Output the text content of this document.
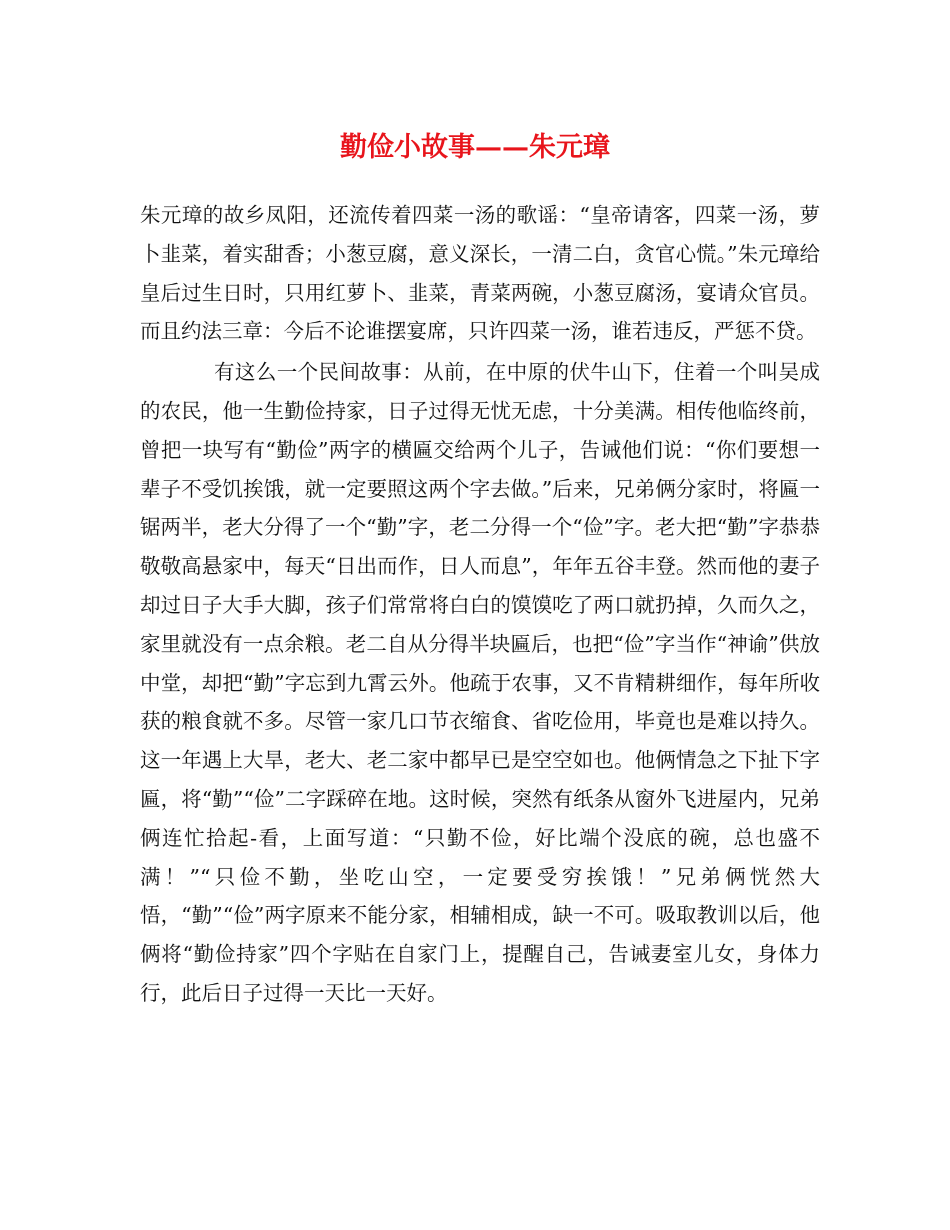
勤俭小故事——朱元璋

朱元璋的故乡凤阳，还流传着四菜一汤的歌谣：“皇帝请客，四菜一汤，萝卜韭菜，着实甜香；小葱豆腐，意义深长，一清二白，贪官心慌。”朱元璋给皇后过生日时，只用红萝卜、韭菜，青菜两碗，小葱豆腐汤，宴请众官员。而且约法三章：今后不论谁摆宴席，只许四菜一汤，谁若违反，严惩不贷。

有这么一个民间故事：从前，在中原的伏牛山下，住着一个叫吴成的农民，他一生勤俭持家，日子过得无忧无虑，十分美满。相传他临终前，曾把一块写有“勤俭”两字的横匾交给两个儿子，告诫他们说：“你们要想一辈子不受饥挨饿，就一定要照这两个字去做。”后来，兄弟俩分家时，将匾一锯两半，老大分得了一个“勤”字，老二分得一个“俭”字。老大把“勤”字恭恭敬敬高悬家中，每天“日出而作，日人而息”，年年五谷丰登。然而他的妻子却过日子大手大脚，孩子们常常将白白的馍馍吃了两口就扔掉，久而久之，家里就没有一点余粮。老二自从分得半块匾后，也把“俭”字当作“神谕”供放中堂，却把“勤”字忘到九霄云外。他疏于农事，又不肯精耕细作，每年所收获的粮食就不多。尽管一家几口节衣缩食、省吃俭用，毕竟也是难以持久。这一年遇上大旱，老大、老二家中都早已是空空如也。他俩情急之下扯下字匾，将“勤”“俭”二字踩碎在地。这时候，突然有纸条从窗外飞进屋内，兄弟俩连忙拾起-看，上面写道：“只勤不俭，好比端个没底的碗，总也盛不满！”“只俭不勤，坐吃山空，一定要受穷挨饿！”兄弟俩恍然大悟，“勤”“俭”两字原来不能分家，相辅相成，缺一不可。吸取教训以后，他俩将“勤俭持家”四个字贴在自家门上，提醒自己，告诫妻室儿女，身体力行，此后日子过得一天比一天好。
